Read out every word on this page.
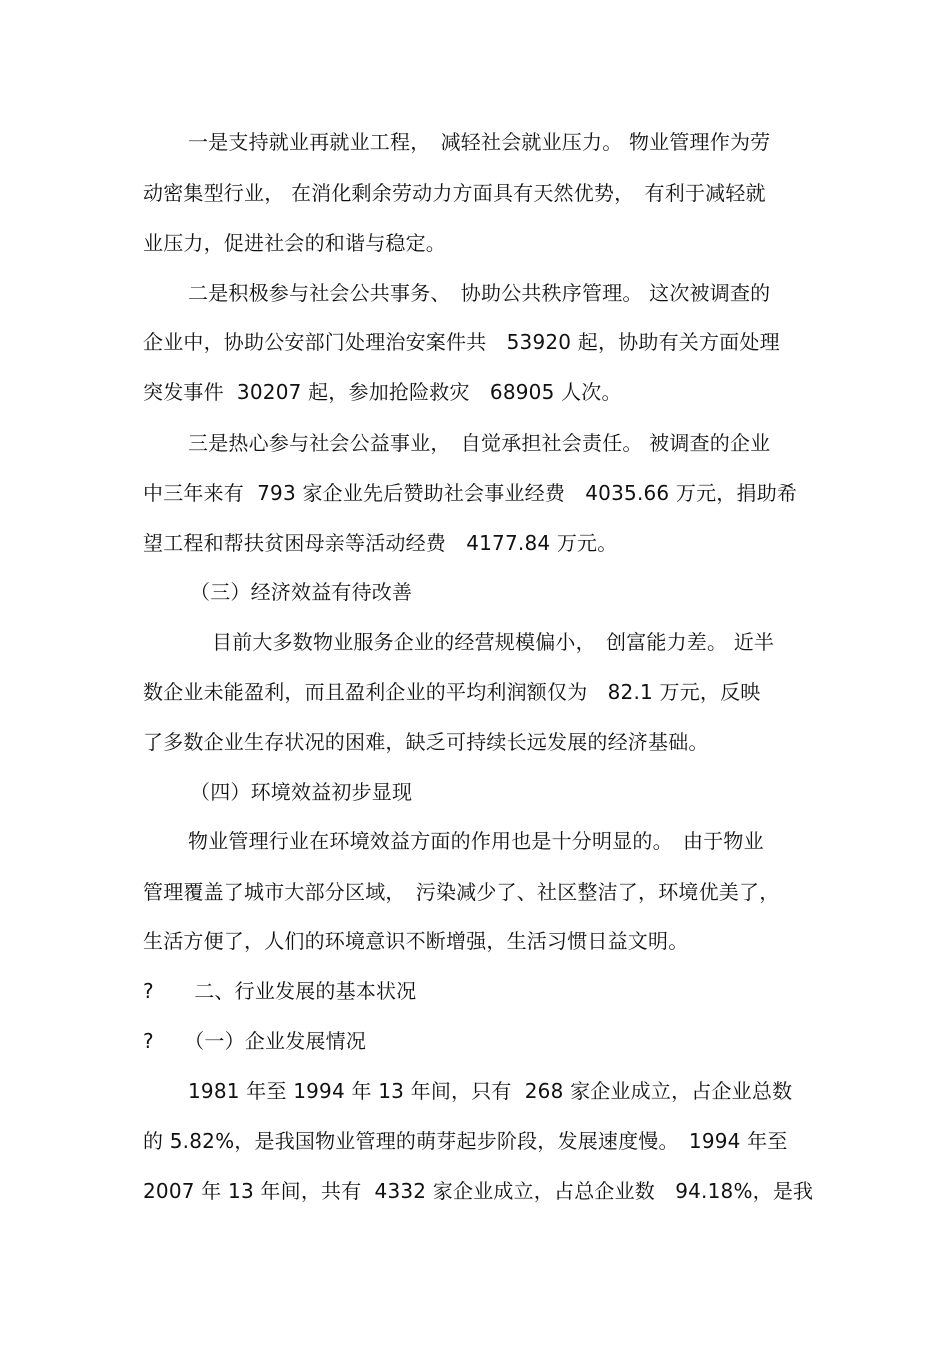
一是支持就业再就业工程，　减轻社会就业压力。 物业管理作为劳
动密集型行业， 在消化剩余劳动力方面具有天然优势，　有利于减轻就
业压力，促进社会的和谐与稳定。
二是积极参与社会公共事务、　协助公共秩序管理。 这次被调查的
企业中，协助公安部门处理治安案件共　53920 起，协助有关方面处理
突发事件  30207 起，参加抢险救灾　68905 人次。
三是热心参与社会公益事业，　自觉承担社会责任。 被调查的企业
中三年来有  793 家企业先后赞助社会事业经费　4035.66 万元，捐助希
望工程和帮扶贫困母亲等活动经费　4177.84 万元。
（三）经济效益有待改善
目前大多数物业服务企业的经营规模偏小，　创富能力差。 近半
数企业未能盈利，而且盈利企业的平均利润额仅为　82.1 万元，反映
了多数企业生存状况的困难，缺乏可持续长远发展的经济基础。
（四）环境效益初步显现
物业管理行业在环境效益方面的作用也是十分明显的。　由于物业
管理覆盖了城市大部分区域，　污染减少了、社区整洁了，环境优美了，
生活方便了，人们的环境意识不断增强，生活习惯日益文明。
?　　二、行业发展的基本状况
?　　（一）企业发展情况
1981 年至 1994 年 13 年间，只有  268 家企业成立，占企业总数
的 5.82%，是我国物业管理的萌芽起步阶段，发展速度慢。　1994 年至
2007 年 13 年间，共有  4332 家企业成立，占总企业数　94.18%，是我
